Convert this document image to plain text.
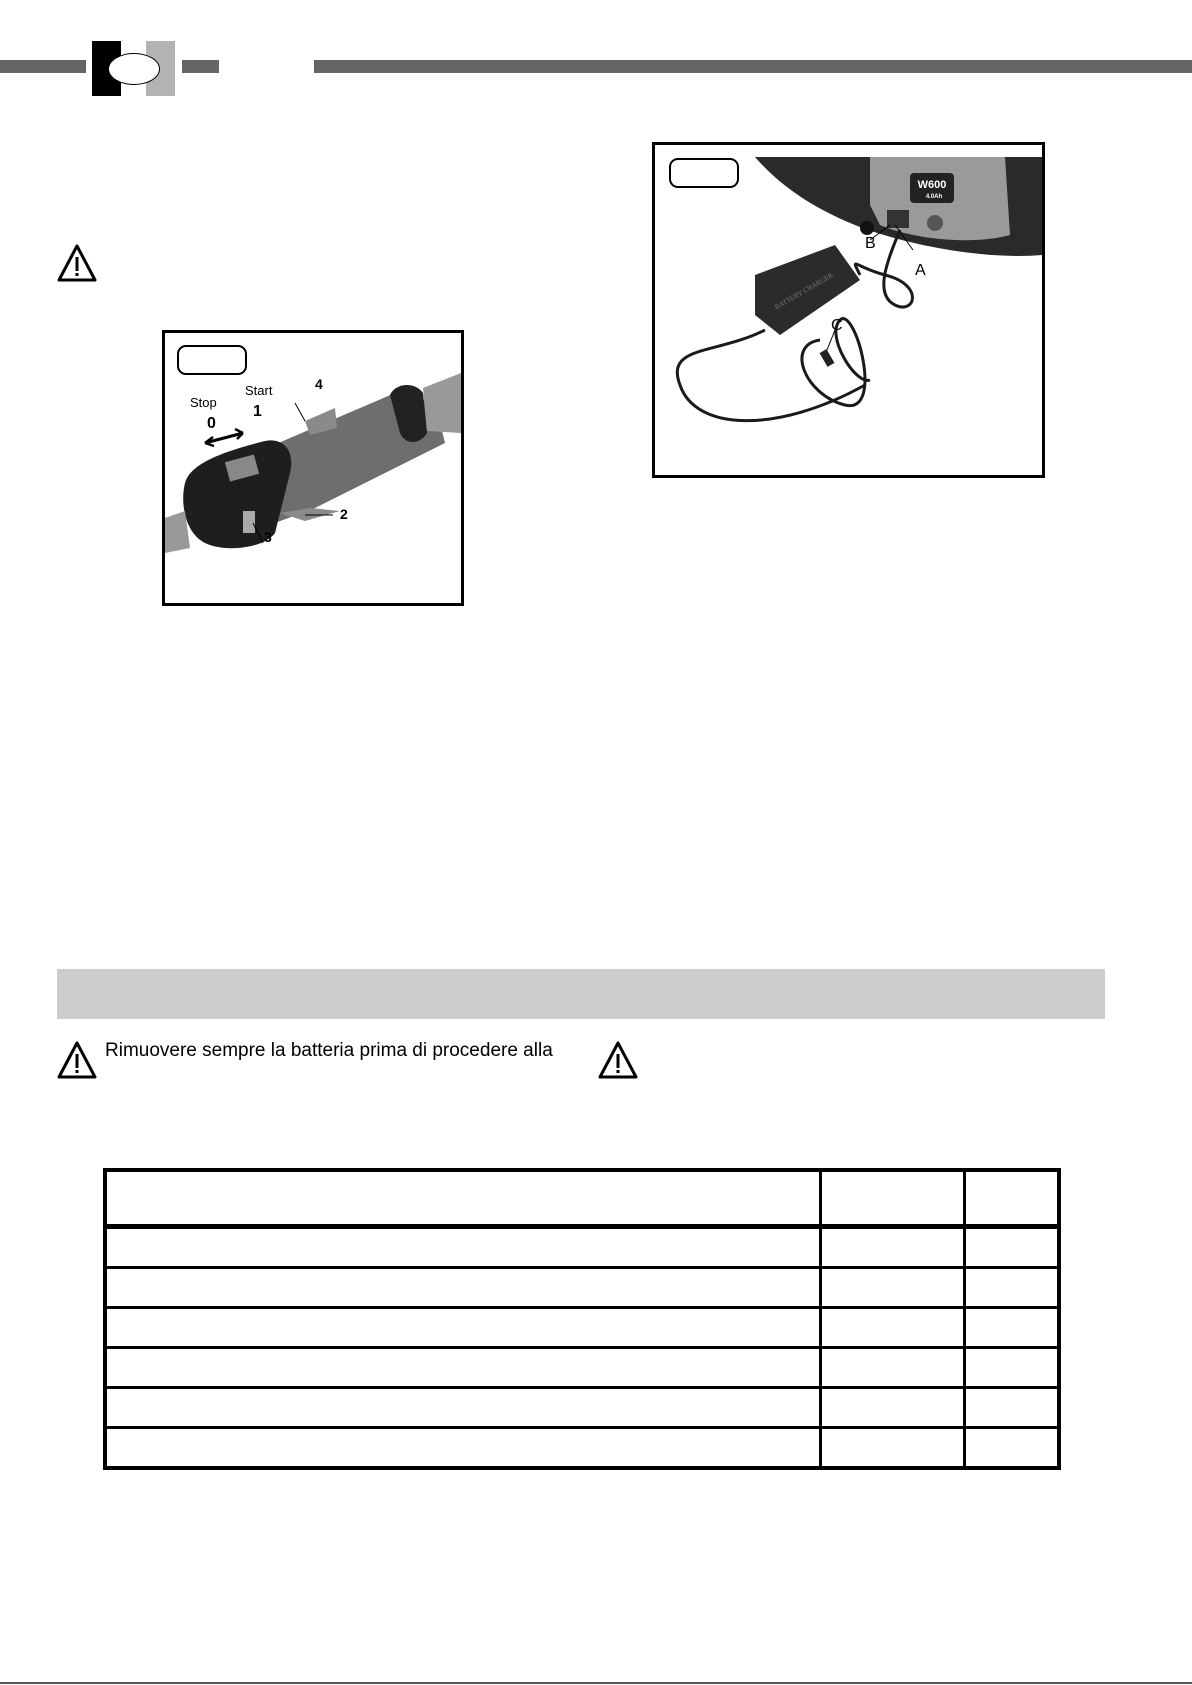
Stop
Start
0
1
4
2
3
W600
4.0Ah
BATTERY CHARGER
B
A
C
Rimuovere sempre la batteria prima di procedere alla
